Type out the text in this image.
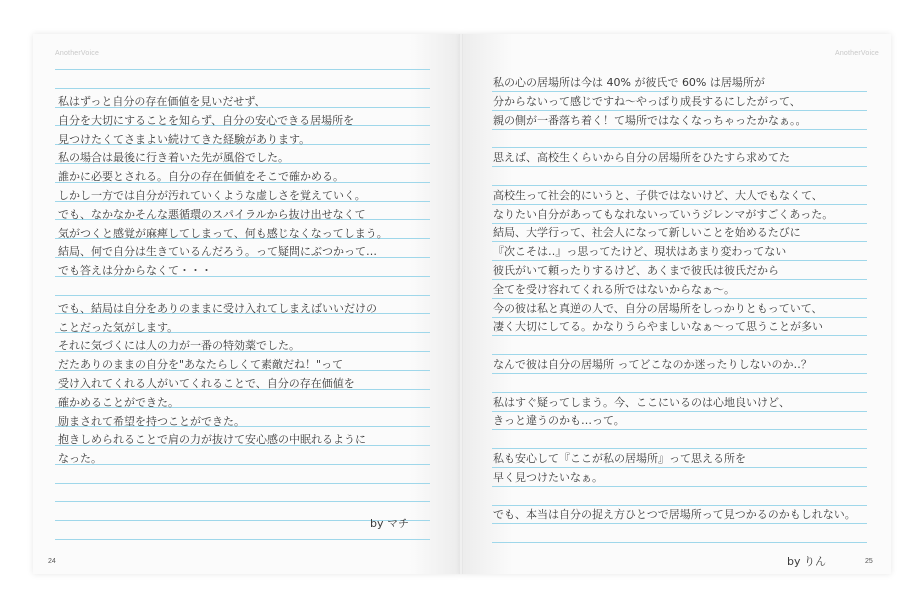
AnotherVoice	AnotherVoice
私はずっと自分の存在価値を見いだせず、
自分を大切にすることを知らず、自分の安心できる居場所を
見つけたくてさまよい続けてきた経験があります。
私の場合は最後に行き着いた先が風俗でした。
誰かに必要とされる。自分の存在価値をそこで確かめる。
しかし一方では自分が汚れていくような虚しさを覚えていく。
でも、なかなかそんな悪循環のスパイラルから抜け出せなくて
気がつくと感覚が麻痺してしまって、何も感じなくなってしまう。
結局、何で自分は生きているんだろう。って疑問にぶつかって…
でも答えは分からなくて・・・
でも、結局は自分をありのままに受け入れてしまえばいいだけの
ことだった気がします。
それに気づくには人の力が一番の特効薬でした。
だたありのままの自分を"あなたらしくて素敵だね！"って
受け入れてくれる人がいてくれることで、自分の存在価値を
確かめることができた。
励まされて希望を持つことができた。
抱きしめられることで肩の力が抜けて安心感の中眠れるように
なった。
私の心の居場所は今は 40% が彼氏で 60% は居場所が
分からないって感じですね〜やっぱり成長するにしたがって、
親の側が一番落ち着く！て場所ではなくなっちゃったかなぁ。。
思えば、高校生くらいから自分の居場所をひたすら求めてた
高校生って社会的にいうと、子供ではないけど、大人でもなくて、
なりたい自分があってもなれないっていうジレンマがすごくあった。
結局、大学行って、社会人になって新しいことを始めるたびに
『次こそは‥』っ思ってたけど、現状はあまり変わってない
彼氏がいて頼ったりするけど、あくまで彼氏は彼氏だから
全てを受け容れてくれる所ではないからなぁ〜。
今の彼は私と真逆の人で、自分の居場所をしっかりともっていて、
凄く大切にしてる。かなりうらやましいなぁ〜って思うことが多い
なんで彼は自分の居場所 ってどこなのか迷ったりしないのか‥？
私はすぐ疑ってしまう。今、ここにいるのは心地良いけど、
きっと違うのかも…って。
私も安心して『ここが私の居場所』って思える所を
早く見つけたいなぁ。
でも、本当は自分の捉え方ひとつで居場所って見つかるのかもしれない。
by マチ
by りん
24	25
